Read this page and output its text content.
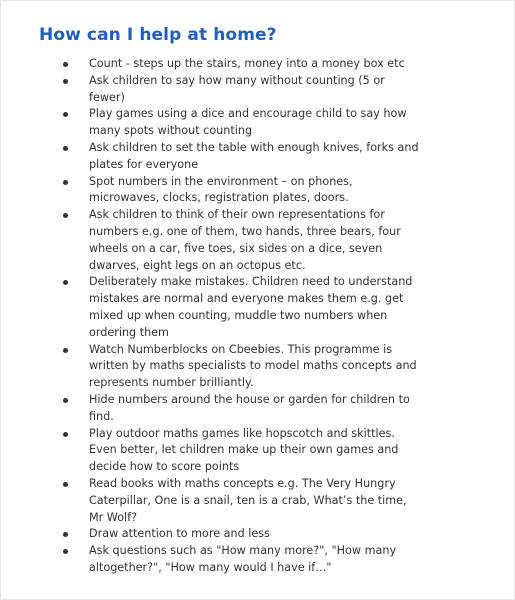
How can I help at home?
Count - steps up the stairs, money into a money box etc
Ask children to say how many without counting (5 or
fewer)
Play games using a dice and encourage child to say how
many spots without counting
Ask children to set the table with enough knives, forks and
plates for everyone
Spot numbers in the environment – on phones,
microwaves, clocks, registration plates, doors.
Ask children to think of their own representations for
numbers e.g. one of them, two hands, three bears, four
wheels on a car, five toes, six sides on a dice, seven
dwarves, eight legs on an octopus etc.
Deliberately make mistakes. Children need to understand
mistakes are normal and everyone makes them e.g. get
mixed up when counting, muddle two numbers when
ordering them
Watch Numberblocks on Cbeebies. This programme is
written by maths specialists to model maths concepts and
represents number brilliantly.
Hide numbers around the house or garden for children to
find.
Play outdoor maths games like hopscotch and skittles.
Even better, let children make up their own games and
decide how to score points
Read books with maths concepts e.g. The Very Hungry
Caterpillar, One is a snail, ten is a crab, What’s the time,
Mr Wolf?
Draw attention to more and less
Ask questions such as "How many more?", "How many
altogether?", "How many would I have if…"
